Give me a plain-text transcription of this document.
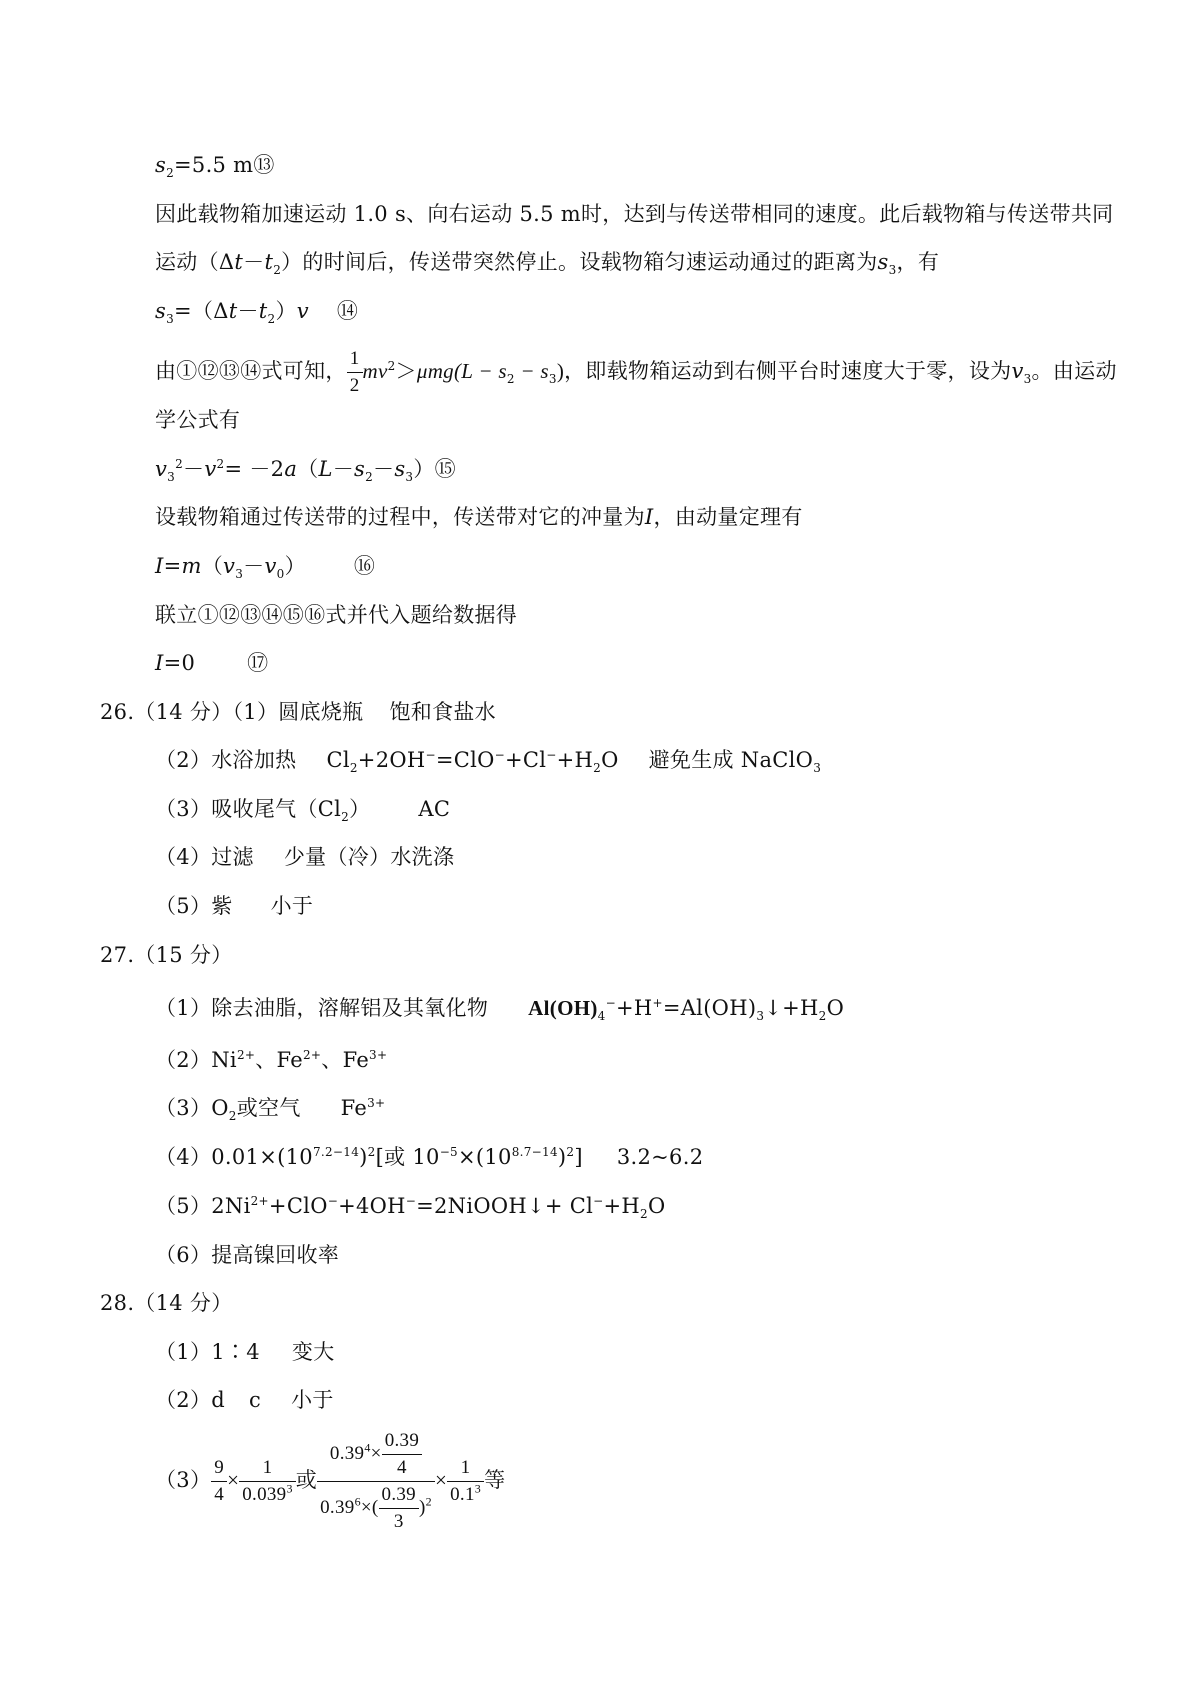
$s_2=5.5$ m⑬
因此载物箱加速运动 1.0 s、向右运动 5.5 m时，达到与传送带相同的速度。此后载物箱与传送带共同
运动$(\Delta t-t_2)$的时间后，传送带突然停止。设载物箱匀速运动通过的距离为$s_3$，有
$s_3=(\Delta t-t_2)v$ ⑭
由①⑫⑬⑭式可知， $\frac{1}{2} mv^2>\mu mg(L - s_2 - s_3)$，即载物箱运动到右侧平台时速度大于零，设为$v_3$。由运动
学公式有
$v_3^2-v^2=$ $-2a(L-s_2-s_3)⑮$
设载物箱通过传送带的过程中，传送带对它的冲量为I，由动量定理有
$I=m(v_3-v_0)$ ⑯
联立①⑫⑬⑭⑮⑯式并代入题给数据得
I=0 ⑰
26.（14 分）（1）圆底烧瓶 饱和食盐水
（2）水浴加热 $Cl_2+2OH^-=ClO^-+Cl^-+H_2O$ 避免生成 NaClO$_3$
（3）吸收尾气$(Cl_2)$ AC
（4）过滤 少量（冷）水洗涤
（5）紫 小于
27.（15 分）
（1）除去油脂，溶解铝及其氧化物 $Al(OH)_4^-+H^+=Al(OH)_3↓+H_2O$
$(2)Ni^{2+}$、$Fe^{2+}$、$Fe^{3+}$
$(3)O_2$或空气 $Fe^{3+}$
$(4)0.01\times(10^{7.2-14})^2$[或 $10^{-5}\times(10^{8.7-14})^2$] 3.2~6.2
$(5)2Ni^{2+}+ClO^-+4OH^-=2NiOOH↓+ Cl^-+H_2O$
（6）提高镍回收率
28.（14 分）
（1）1∶4 变大
（2）d c 小于
$(3) \frac{9}{4} \times \frac{1}{0.039^3}$ 或 $\frac{0.39^4\times \frac{0.39}{4}}{0.39^6\times( \frac{0.39}{3} )^2} \times \frac{1}{0.1^3}$ 等
